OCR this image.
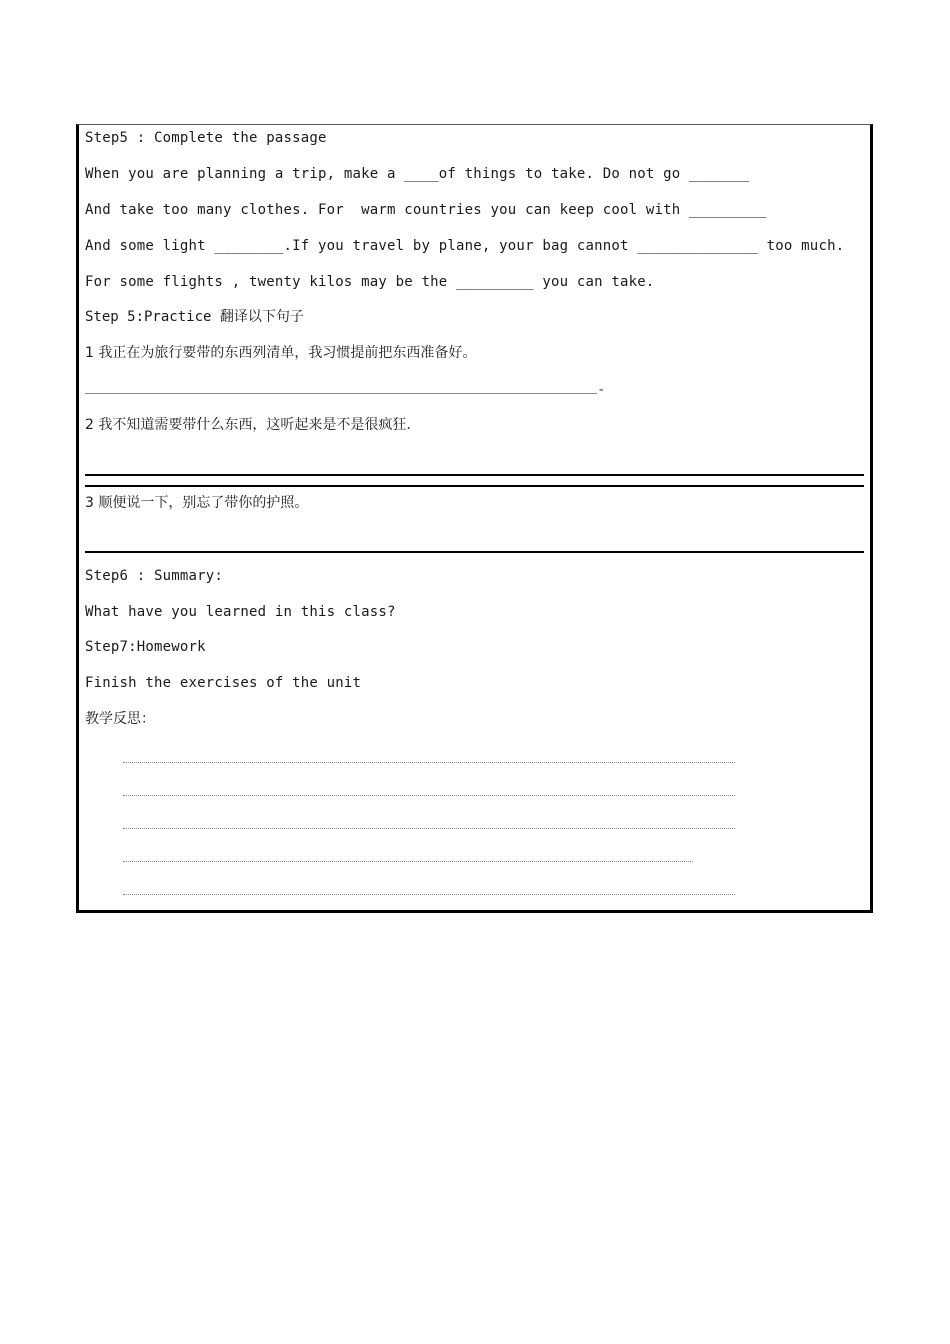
Step5 : Complete the passage
When you are planning a trip, make a ____of things to take. Do not go _______
And take too many clothes. For  warm countries you can keep cool with _________
And some light ________.If you travel by plane, your bag cannot ______________ too much.
For some flights , twenty kilos may be the _________ you can take.
Step 5:Practice 翻译以下句子
1 我正在为旅行要带的东西列清单，我习惯提前把东西准备好。
-
2 我不知道需要带什么东西，这听起来是不是很疯狂.
3 顺便说一下，别忘了带你的护照。
Step6 : Summary:
What have you learned in this class?
Step7:Homework
Finish the exercises of the unit
教学反思：
